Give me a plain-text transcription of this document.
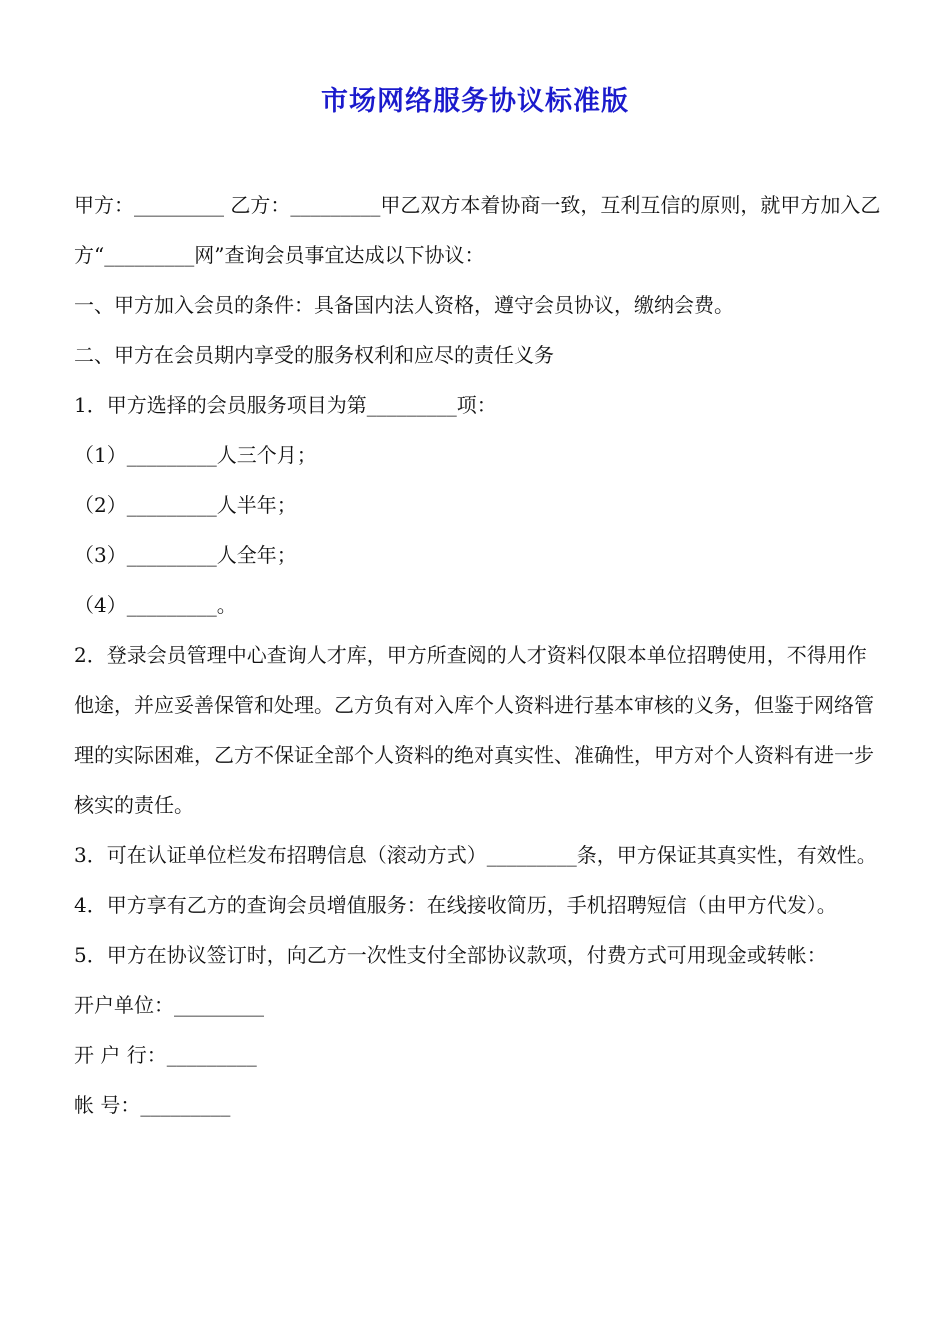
市场网络服务协议标准版

甲方：_________ 乙方：_________甲乙双方本着协商一致，互利互信的原则，就甲方加入乙方“_________网”查询会员事宜达成以下协议：

一、甲方加入会员的条件：具备国内法人资格，遵守会员协议，缴纳会费。

二、甲方在会员期内享受的服务权利和应尽的责任义务

1．甲方选择的会员服务项目为第_________项：

（1）_________人三个月；

（2）_________人半年；

（3）_________人全年；

（4）_________。

2．登录会员管理中心查询人才库，甲方所查阅的人才资料仅限本单位招聘使用，不得用作他途，并应妥善保管和处理。乙方负有对入库个人资料进行基本审核的义务，但鉴于网络管理的实际困难，乙方不保证全部个人资料的绝对真实性、准确性，甲方对个人资料有进一步核实的责任。

3．可在认证单位栏发布招聘信息（滚动方式）_________条，甲方保证其真实性，有效性。

4．甲方享有乙方的查询会员增值服务：在线接收简历，手机招聘短信（由甲方代发）。

5．甲方在协议签订时，向乙方一次性支付全部协议款项，付费方式可用现金或转帐：

开户单位：_________

开 户 行：_________

帐 号：_________
